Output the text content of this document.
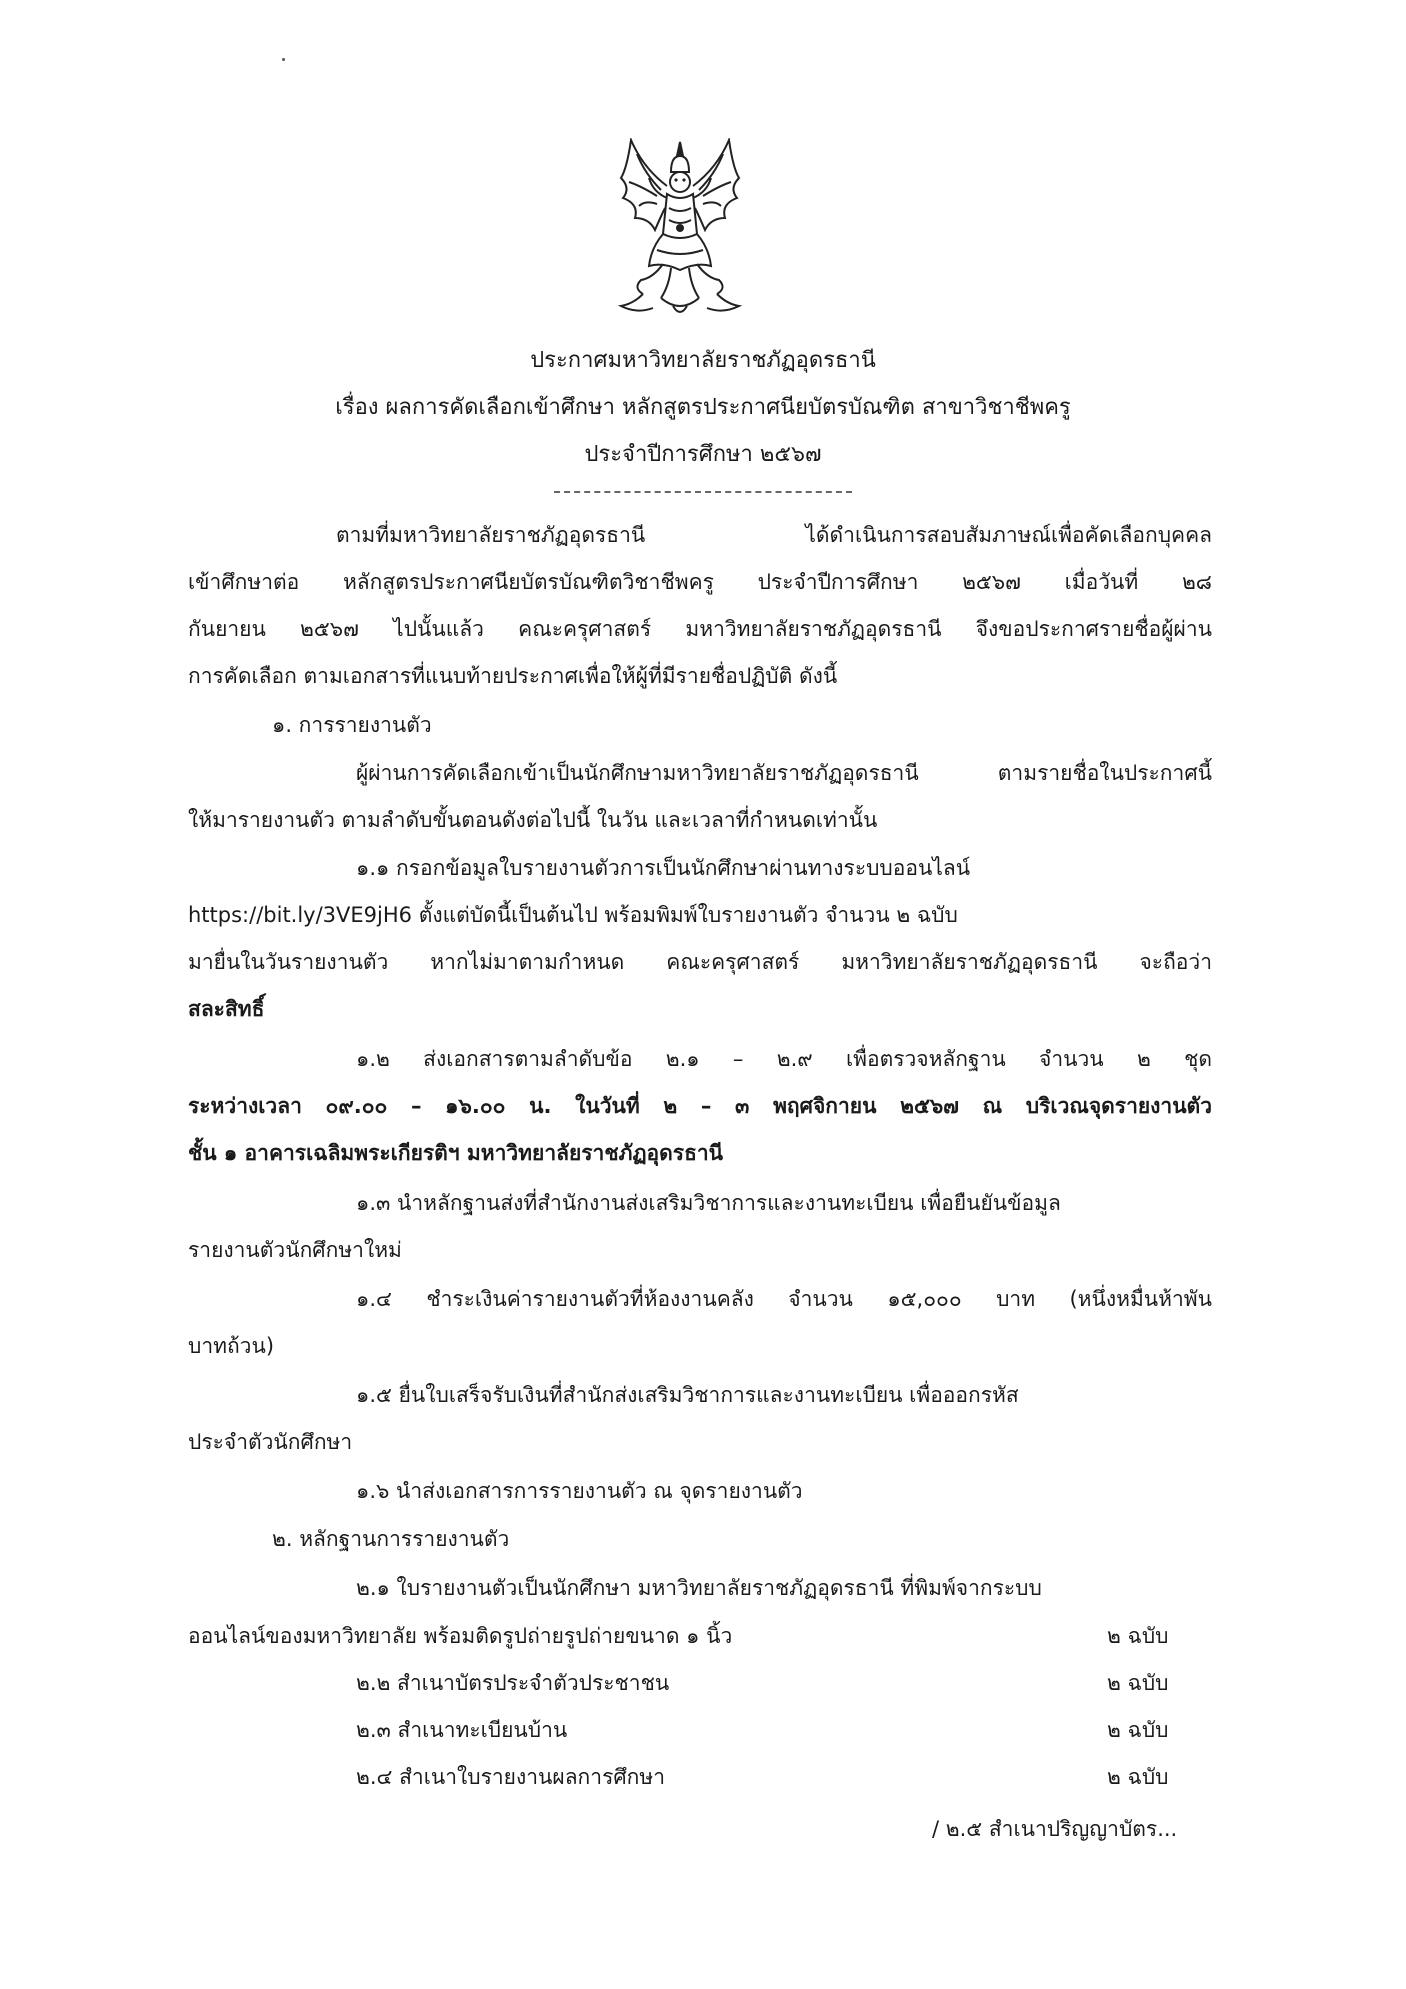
ประกาศมหาวิทยาลัยราชภัฏอุดรธานี
เรื่อง ผลการคัดเลือกเข้าศึกษา หลักสูตรประกาศนียบัตรบัณฑิต สาขาวิชาชีพครู
ประจำปีการศึกษา ๒๕๖๗
ตามที่มหาวิทยาลัยราชภัฏอุดรธานี ได้ดำเนินการสอบสัมภาษณ์เพื่อคัดเลือกบุคคล
เข้าศึกษาต่อ หลักสูตรประกาศนียบัตรบัณฑิตวิชาชีพครู ประจำปีการศึกษา ๒๕๖๗ เมื่อวันที่ ๒๘
กันยายน ๒๕๖๗ ไปนั้นแล้ว คณะครุศาสตร์ มหาวิทยาลัยราชภัฏอุดรธานี จึงขอประกาศรายชื่อผู้ผ่าน
การคัดเลือก ตามเอกสารที่แนบท้ายประกาศเพื่อให้ผู้ที่มีรายชื่อปฏิบัติ ดังนี้
๑. การรายงานตัว
ผู้ผ่านการคัดเลือกเข้าเป็นนักศึกษามหาวิทยาลัยราชภัฏอุดรธานี ตามรายชื่อในประกาศนี้
ให้มารายงานตัว ตามลำดับขั้นตอนดังต่อไปนี้ ในวัน และเวลาที่กำหนดเท่านั้น
๑.๑ กรอกข้อมูลใบรายงานตัวการเป็นนักศึกษาผ่านทางระบบออนไลน์
https://bit.ly/3VE9jH6 ตั้งแต่บัดนี้เป็นต้นไป พร้อมพิมพ์ใบรายงานตัว จำนวน ๒ ฉบับ
มายื่นในวันรายงานตัว หากไม่มาตามกำหนด คณะครุศาสตร์ มหาวิทยาลัยราชภัฏอุดรธานี จะถือว่า
สละสิทธิ์
๑.๒ ส่งเอกสารตามลำดับข้อ ๒.๑ – ๒.๙ เพื่อตรวจหลักฐาน จำนวน ๒ ชุด
ระหว่างเวลา ๐๙.๐๐ – ๑๖.๐๐ น. ในวันที่ ๒ – ๓ พฤศจิกายน ๒๕๖๗ ณ บริเวณจุดรายงานตัว
ชั้น ๑ อาคารเฉลิมพระเกียรติฯ มหาวิทยาลัยราชภัฏอุดรธานี
๑.๓ นำหลักฐานส่งที่สำนักงานส่งเสริมวิชาการและงานทะเบียน เพื่อยืนยันข้อมูล
รายงานตัวนักศึกษาใหม่
๑.๔ ชำระเงินค่ารายงานตัวที่ห้องงานคลัง จำนวน ๑๕,๐๐๐ บาท (หนึ่งหมื่นห้าพัน
บาทถ้วน)
๑.๕ ยื่นใบเสร็จรับเงินที่สำนักส่งเสริมวิชาการและงานทะเบียน เพื่อออกรหัส
ประจำตัวนักศึกษา
๑.๖ นำส่งเอกสารการรายงานตัว ณ จุดรายงานตัว
๒. หลักฐานการรายงานตัว
๒.๑ ใบรายงานตัวเป็นนักศึกษา มหาวิทยาลัยราชภัฏอุดรธานี ที่พิมพ์จากระบบ
ออนไลน์ของมหาวิทยาลัย พร้อมติดรูปถ่ายรูปถ่ายขนาด ๑ นิ้ว	๒ ฉบับ
๒.๒ สำเนาบัตรประจำตัวประชาชน	๒ ฉบับ
๒.๓ สำเนาทะเบียนบ้าน	๒ ฉบับ
๒.๔ สำเนาใบรายงานผลการศึกษา	๒ ฉบับ
/ ๒.๕ สำเนาปริญญาบัตร...
